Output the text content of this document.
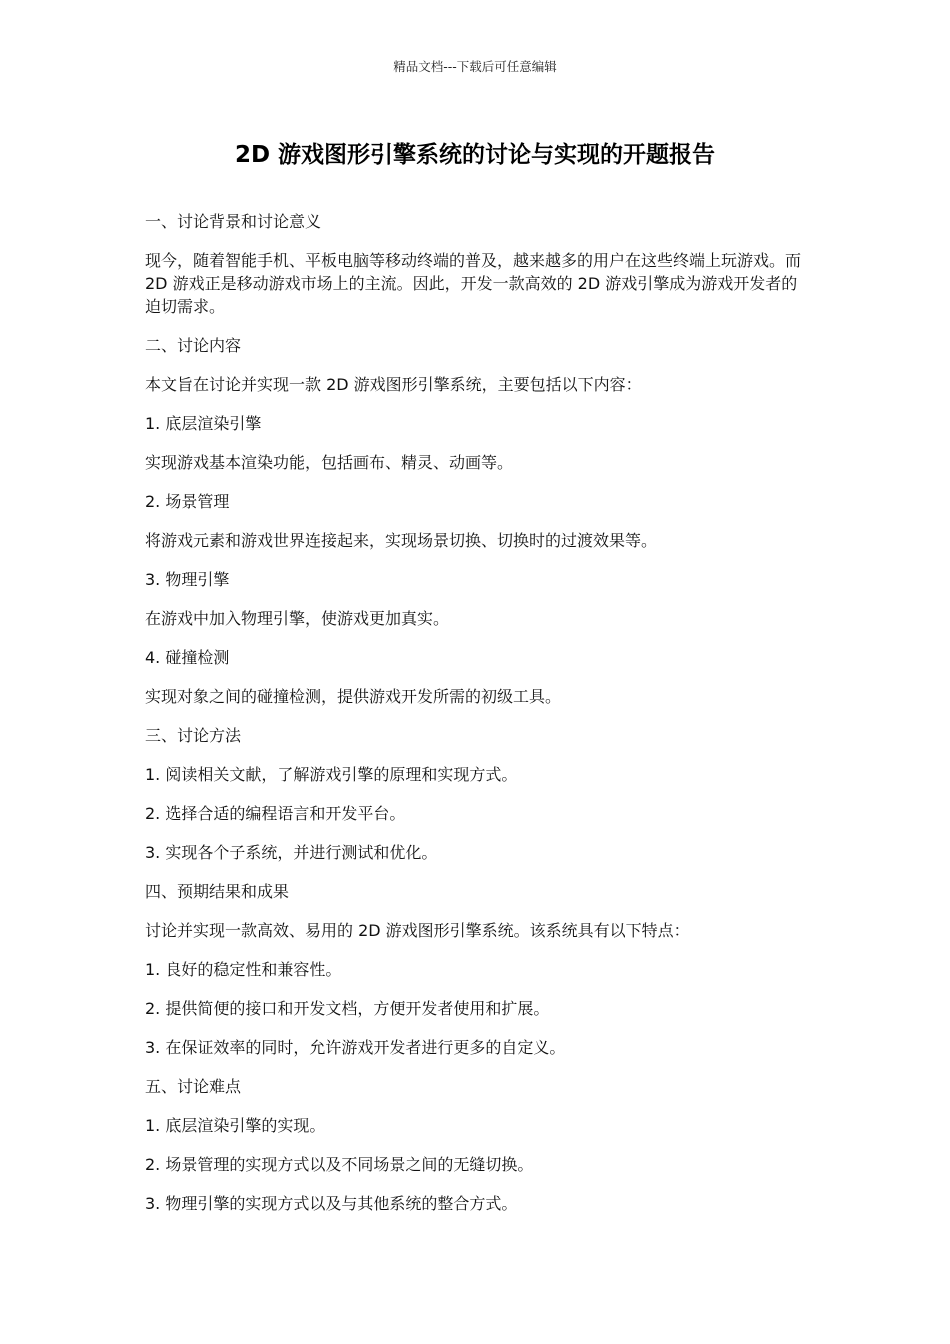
精品文档---下载后可任意编辑
2D 游戏图形引擎系统的讨论与实现的开题报告

一、讨论背景和讨论意义

现今，随着智能手机、平板电脑等移动终端的普及，越来越多的用户在这些终端上玩游戏。而 2D 游戏正是移动游戏市场上的主流。因此，开发一款高效的 2D 游戏引擎成为游戏开发者的迫切需求。

二、讨论内容

本文旨在讨论并实现一款 2D 游戏图形引擎系统，主要包括以下内容：

1. 底层渲染引擎

实现游戏基本渲染功能，包括画布、精灵、动画等。

2. 场景管理

将游戏元素和游戏世界连接起来，实现场景切换、切换时的过渡效果等。

3. 物理引擎

在游戏中加入物理引擎，使游戏更加真实。

4. 碰撞检测

实现对象之间的碰撞检测，提供游戏开发所需的初级工具。

三、讨论方法

1. 阅读相关文献，了解游戏引擎的原理和实现方式。

2. 选择合适的编程语言和开发平台。

3. 实现各个子系统，并进行测试和优化。

四、预期结果和成果

讨论并实现一款高效、易用的 2D 游戏图形引擎系统。该系统具有以下特点：

1. 良好的稳定性和兼容性。

2. 提供简便的接口和开发文档，方便开发者使用和扩展。

3. 在保证效率的同时，允许游戏开发者进行更多的自定义。

五、讨论难点

1. 底层渲染引擎的实现。

2. 场景管理的实现方式以及不同场景之间的无缝切换。

3. 物理引擎的实现方式以及与其他系统的整合方式。
